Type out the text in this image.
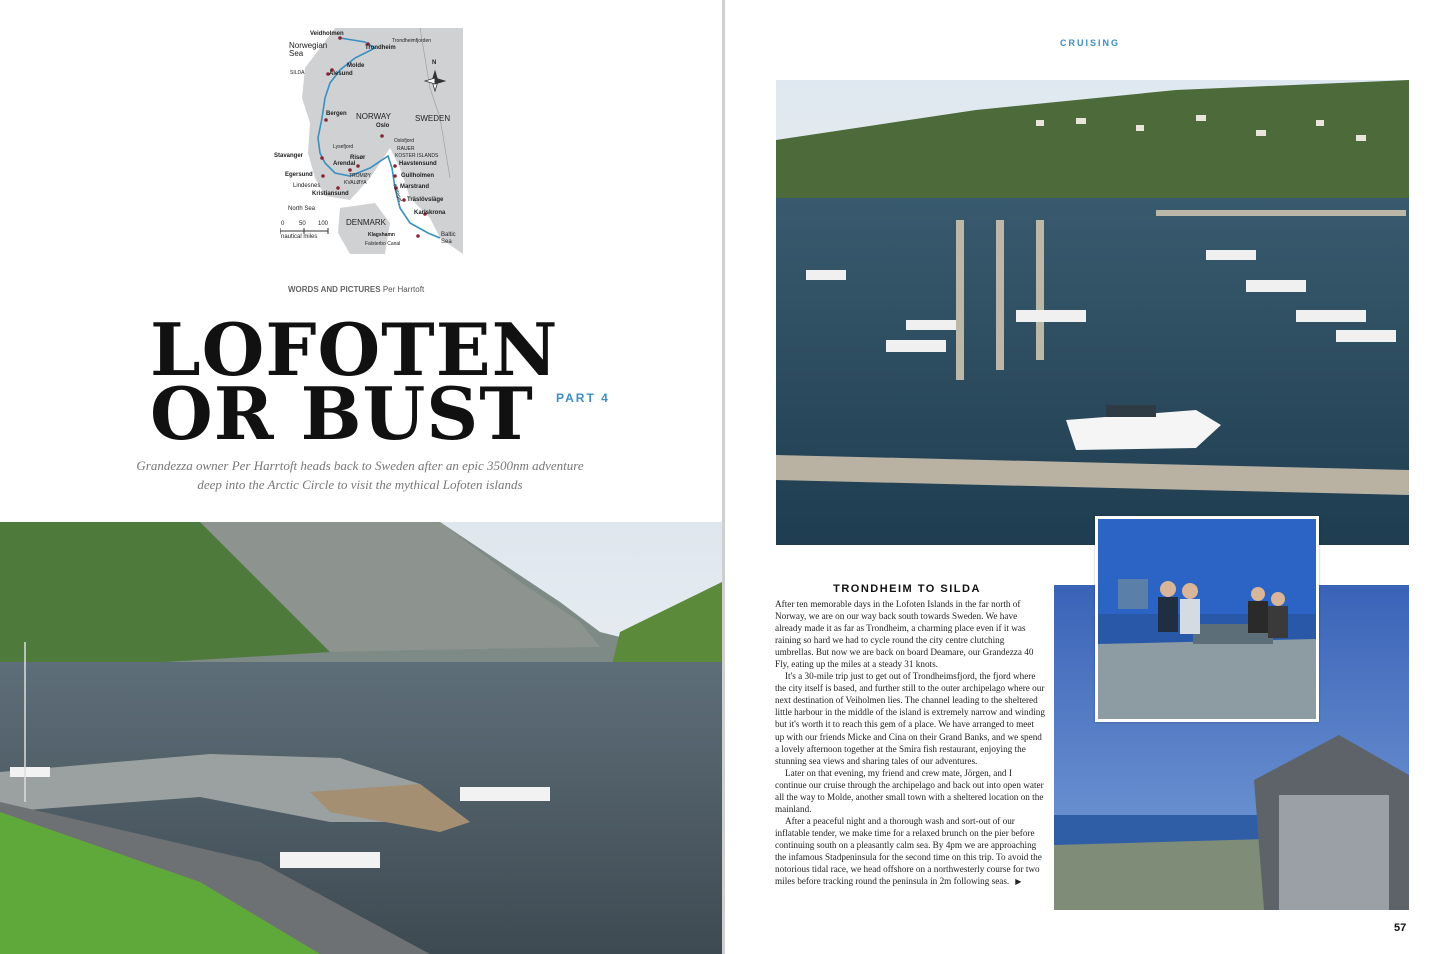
Veidholmen
Norwegian Sea
Trondheim
Trondheimfjorden
SILDA
Molde
Ålesund
NORWAY	SWEDEN
Oslo
Bergen
Lysefjord
Oslofjord
RAUER
KOSTER ISLANDS
Havstensund
Stavanger	Risør
Arendal
Gullholmen
Marstrand
Egersund	TROMØY
KVALØYA
Lindesnes
Kristiansund
Träslövsläge
North Sea
DENMARK
Karlskrona
Kattegat
Klagshamn
Falsterbo Canal
Baltic Sea
N
0 50 100
nautical miles
WORDS AND PICTURES Per Harrtoft
LOFOTEN
OR BUST	PART 4
Grandezza owner Per Harrtoft heads back to Sweden after an epic 3500nm adventure deep into the Arctic Circle to visit the mythical Lofoten islands
CRUISING
TRONDHEIM TO SILDA

After ten memorable days in the Lofoten Islands in the far north of Norway, we are on our way back south towards Sweden. We have already made it as far as Trondheim, a charming place even if it was raining so hard we had to cycle round the city centre clutching umbrellas. But now we are back on board Deamare, our Grandezza 40 Fly, eating up the miles at a steady 31 knots.

It's a 30-mile trip just to get out of Trondheimsfjord, the fjord where the city itself is based, and further still to the outer archipelago where our next destination of Veiholmen lies. The channel leading to the sheltered little harbour in the middle of the island is extremely narrow and winding but it's worth it to reach this gem of a place. We have arranged to meet up with our friends Micke and Cina on their Grand Banks, and we spend a lovely afternoon together at the Smira fish restaurant, enjoying the stunning sea views and sharing tales of our adventures.

Later on that evening, my friend and crew mate, Jörgen, and I continue our cruise through the archipelago and back out into open water all the way to Molde, another small town with a sheltered location on the mainland.

After a peaceful night and a thorough wash and sort-out of our inflatable tender, we make time for a relaxed brunch on the pier before continuing south on a pleasantly calm sea. By 4pm we are approaching the infamous Stadpeninsula for the second time on this trip. To avoid the notorious tidal race, we head offshore on a northwesterly course for two miles before tracking round the peninsula in 2m following seas. ▶

57
